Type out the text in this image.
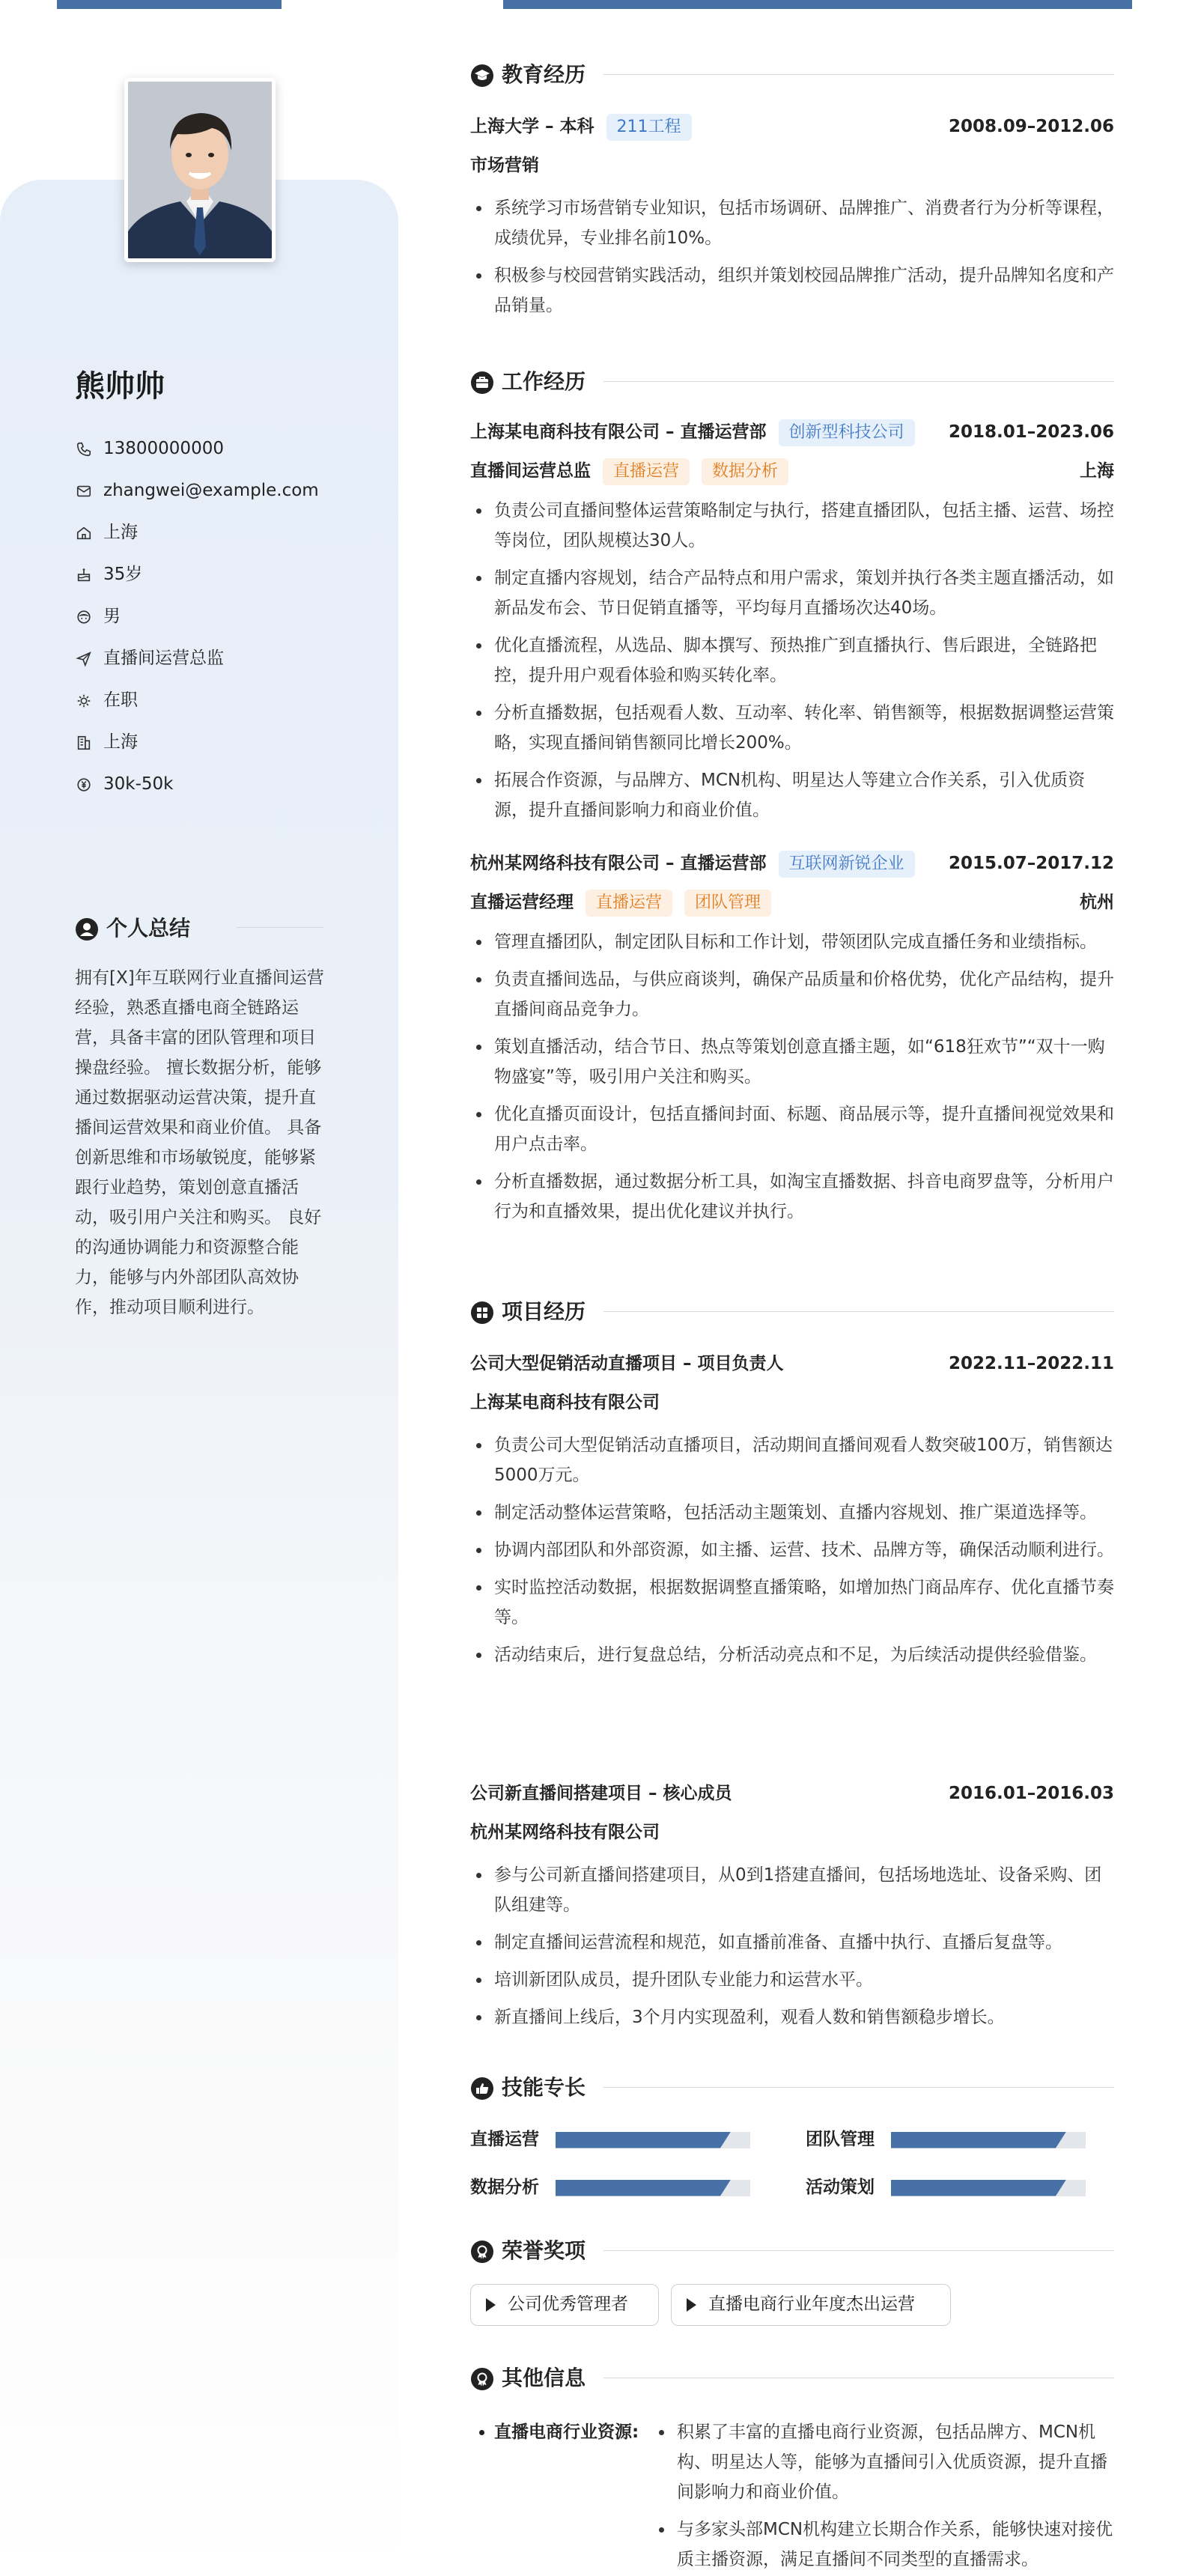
熊帅帅
13800000000
zhangwei@example.com
上海
35岁
男
直播间运营总监
在职
上海
30k-50k
个人总结
拥有[X]年互联网行业直播间运营经验，熟悉直播电商全链路运营，具备丰富的团队管理和项目操盘经验。 擅长数据分析，能够通过数据驱动运营决策，提升直播间运营效果和商业价值。 具备创新思维和市场敏锐度，能够紧跟行业趋势，策划创意直播活动，吸引用户关注和购买。 良好的沟通协调能力和资源整合能力，能够与内外部团队高效协作，推动项目顺利进行。
教育经历
上海大学 – 本科	211工程	2008.09–2012.06
市场营销
系统学习市场营销专业知识，包括市场调研、品牌推广、消费者行为分析等课程，成绩优异，专业排名前10%。
积极参与校园营销实践活动，组织并策划校园品牌推广活动，提升品牌知名度和产品销量。
工作经历
上海某电商科技有限公司 – 直播运营部	创新型科技公司	2018.01–2023.06
直播间运营总监	直播运营	数据分析	上海
负责公司直播间整体运营策略制定与执行，搭建直播团队，包括主播、运营、场控等岗位，团队规模达30人。
制定直播内容规划，结合产品特点和用户需求，策划并执行各类主题直播活动，如新品发布会、节日促销直播等，平均每月直播场次达40场。
优化直播流程，从选品、脚本撰写、预热推广到直播执行、售后跟进，全链路把控，提升用户观看体验和购买转化率。
分析直播数据，包括观看人数、互动率、转化率、销售额等，根据数据调整运营策略，实现直播间销售额同比增长200%。
拓展合作资源，与品牌方、MCN机构、明星达人等建立合作关系，引入优质资源，提升直播间影响力和商业价值。
杭州某网络科技有限公司 – 直播运营部	互联网新锐企业	2015.07–2017.12
直播运营经理	直播运营	团队管理	杭州
管理直播团队，制定团队目标和工作计划，带领团队完成直播任务和业绩指标。
负责直播间选品，与供应商谈判，确保产品质量和价格优势，优化产品结构，提升直播间商品竞争力。
策划直播活动，结合节日、热点等策划创意直播主题，如“618狂欢节”“双十一购物盛宴”等，吸引用户关注和购买。
优化直播页面设计，包括直播间封面、标题、商品展示等，提升直播间视觉效果和用户点击率。
分析直播数据，通过数据分析工具，如淘宝直播数据、抖音电商罗盘等，分析用户行为和直播效果，提出优化建议并执行。
项目经历
公司大型促销活动直播项目 – 项目负责人	2022.11–2022.11
上海某电商科技有限公司
负责公司大型促销活动直播项目，活动期间直播间观看人数突破100万，销售额达5000万元。
制定活动整体运营策略，包括活动主题策划、直播内容规划、推广渠道选择等。
协调内部团队和外部资源，如主播、运营、技术、品牌方等，确保活动顺利进行。
实时监控活动数据，根据数据调整直播策略，如增加热门商品库存、优化直播节奏等。
活动结束后，进行复盘总结，分析活动亮点和不足，为后续活动提供经验借鉴。
公司新直播间搭建项目 – 核心成员	2016.01–2016.03
杭州某网络科技有限公司
参与公司新直播间搭建项目，从0到1搭建直播间，包括场地选址、设备采购、团队组建等。
制定直播间运营流程和规范，如直播前准备、直播中执行、直播后复盘等。
培训新团队成员，提升团队专业能力和运营水平。
新直播间上线后，3个月内实现盈利，观看人数和销售额稳步增长。
技能专长
直播运营	团队管理
数据分析	活动策划
荣誉奖项
公司优秀管理者	直播电商行业年度杰出运营
其他信息
直播电商行业资源:	积累了丰富的直播电商行业资源，包括品牌方、MCN机构、明星达人等，能够为直播间引入优质资源，提升直播间影响力和商业价值。
与多家头部MCN机构建立长期合作关系，能够快速对接优质主播资源，满足直播间不同类型的直播需求。
